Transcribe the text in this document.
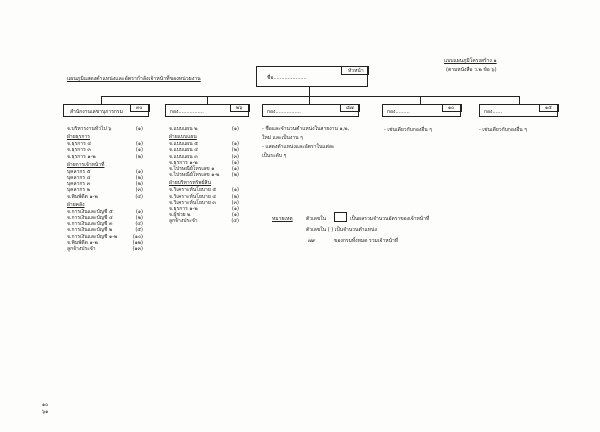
แบบแผนภูมิโครงสร้าง ๑
(ตามหนังสือ ว.๒ ข้อ ๖)
แผนภูมิแสดงตำแหน่งและอัตรากำลังเจ้าหน้าที่ของหน่วยงาน	ชื่อ.....................
หัวหน้า
สำนักงานเลขานุการกรม
๓๐
กอง................
๒๖
กอง................
๘๗
กอง.........
๑๐
กอง......
๑๕
จ.บริหารงานทั่วไป ๖	(๑)
ฝ่ายธุรการ
จ.ธุรการ ๔	(๑)
จ.ธุรการ ๓	(๑)
จ.ธุรการ ๑-๒	(๒)
ฝ่ายการเจ้าหน้าที่
บุคลากร ๕	(๑)
บุคลากร ๔	(๒)
บุคลากร ๓	(๒)
บุคลากร ๒	(๓)
จ.พิมพ์ดีด ๑-๒	(๔)
ฝ่ายคลัง
จ.การเงินและบัญชี ๕	(๑)
จ.การเงินและบัญชี ๔	(๒)
จ.การเงินและบัญชี ๓	(๔)
จ.การเงินและบัญชี ๒	(๕)
จ.การเงินและบัญชี ๑-๒	(๑๐)
จ.พิมพ์ดีด ๑-๒	(๑๒)
ลูกจ้างประจำ	(๑๓)
จ.แบบแผน ๒	(๑)
ฝ่ายแบบแผน
จ.แบบแผน ๕	(๑)
จ.แบบแผน ๔	(๒)
จ.แบบแผน ๓	(๓)
จ.ธุรการ ๑-๒	(๑)
จ.ไปรษณีย์โทรเลข ๑	(๑)
จ.ไปรษณีย์โทรเลข ๑-๒ (๒)
ฝ่ายบริหารทรัพย์สิน
จ.วิเคราะห์นโยบาย ๕	(๑)
จ.วิเคราะห์นโยบาย ๔	(๒)
จ.วิเคราะห์นโยบาย ๓	(๓)
จ.ธุรการ ๑-๒	(๑)
จ.ผู้ช่วย ๒	(๑)
ลูกจ้างประจำ	(๔)
- ชื่อและจำนวนตำแหน่งในสายงาน ๑,๒,
ใหม่ และเป็นงาน ๆ
- แสดงตำแหน่งและอัตราในแต่ละ
เป็นระดับ ๆ
- เช่นเดียวกับกองอื่น ๆ	- เช่นเดียวกับกองอื่น ๆ
หมายเหตุ	ตัวเลขใน	เป็นผลรวมจำนวนอัตราของเจ้าหน้าที่
ตัวเลขใน ( ) เป็นจำนวนตำแหน่ง
๗๙	ของกรมทั้งหมด รวมเจ้าหน้าที่
๑๐
๖๑
